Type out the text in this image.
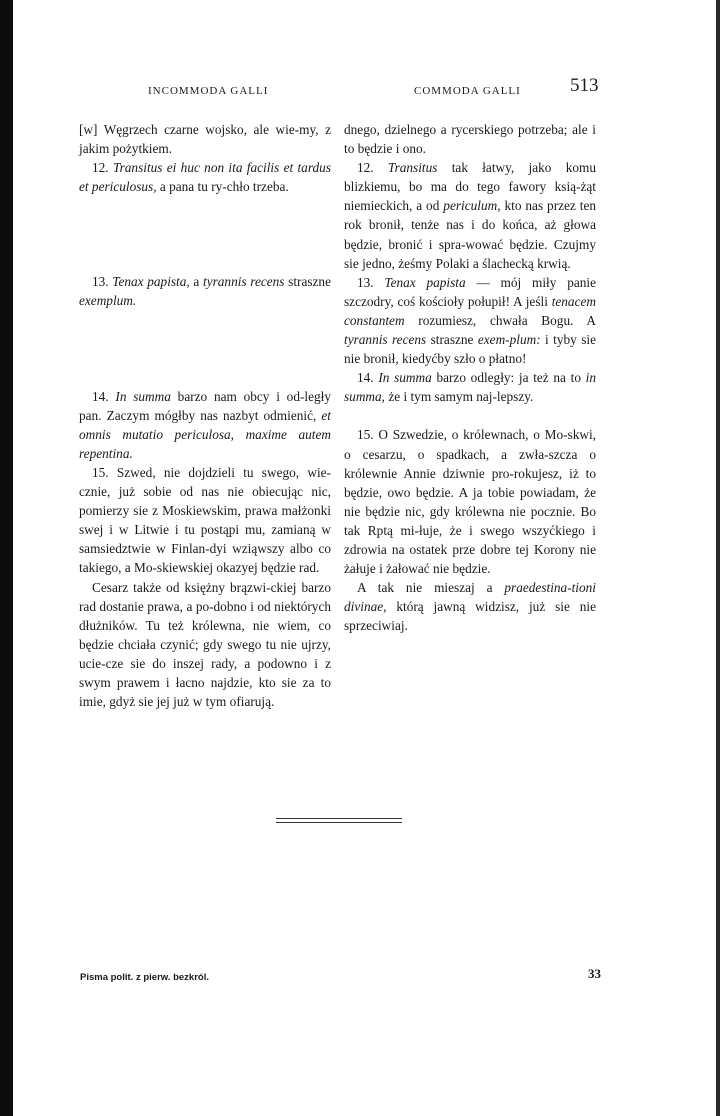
INCOMMODA GALLI	COMMODA GALLI	513

[w] Węgrzech czarne wojsko, ale wie-my, z jakim pożytkiem.

12. Transitus ei huc non ita facilis et tardus et periculosus, a pana tu ry-chło trzeba.

13. Tenax papista, a tyrannis recens straszne exemplum.

14. In summa barzo nam obcy i od-legły pan. Zaczym mógłby nas nazbyt odmienić, et omnis mutatio periculosa, maxime autem repentina.

15. Szwed, nie dojdzieli tu swego, wie-cznie, już sobie od nas nie obiecując nic, pomierzy sie z Moskiewskim, prawa małżonki swej i w Litwie i tu postąpi mu, zamianą w samsiedztwie w Finlan-dyi wziąwszy albo co takiego, a Mo-skiewskiej okazyej będzie rad.

Cesarz także od księżny brązwi-ckiej barzo rad dostanie prawa, a po-dobno i od niektórych dłużników. Tu też królewna, nie wiem, co będzie chciała czynić; gdy swego tu nie ujrzy, ucie-cze sie do inszej rady, a podowno i z swym prawem i łacno najdzie, kto sie za to imie, gdyż sie jej już w tym ofiarują.

dnego, dzielnego a rycerskiego potrzeba; ale i to będzie i ono.

12. Transitus tak łatwy, jako komu blizkiemu, bo ma do tego fawory ksią-żąt niemieckich, a od periculum, kto nas przez ten rok bronił, tenże nas i do końca, aż głowa będzie, bronić i spra-wować będzie. Czujmy sie jedno, żeśmy Polaki a ślachecką krwią.

13. Tenax papista — mój miły panie szczodry, coś kościoły połupił! A jeśli tenacem constantem rozumiesz, chwała Bogu. A tyrannis recens straszne exem-plum: i tyby sie nie bronił, kiedyćby szło o płatno!

14. In summa barzo odległy: ja też na to in summa, że i tym samym naj-lepszy.

15. O Szwedzie, o królewnach, o Mo-skwi, o cesarzu, o spadkach, a zwła-szcza o królewnie Annie dziwnie pro-rokujesz, iż to będzie, owo będzie. A ja tobie powiadam, że nie będzie nic, gdy królewna nie pocznie. Bo tak Rptą mi-łuje, że i swego wszyćkiego i zdrowia na ostatek prze dobre tej Korony nie żałuje i żałować nie będzie.

A tak nie mieszaj a praedestina-tioni divinae, którą jawną widzisz, już sie nie sprzeciwiaj.

Pisma polit. z pierw. bezkról.	33
